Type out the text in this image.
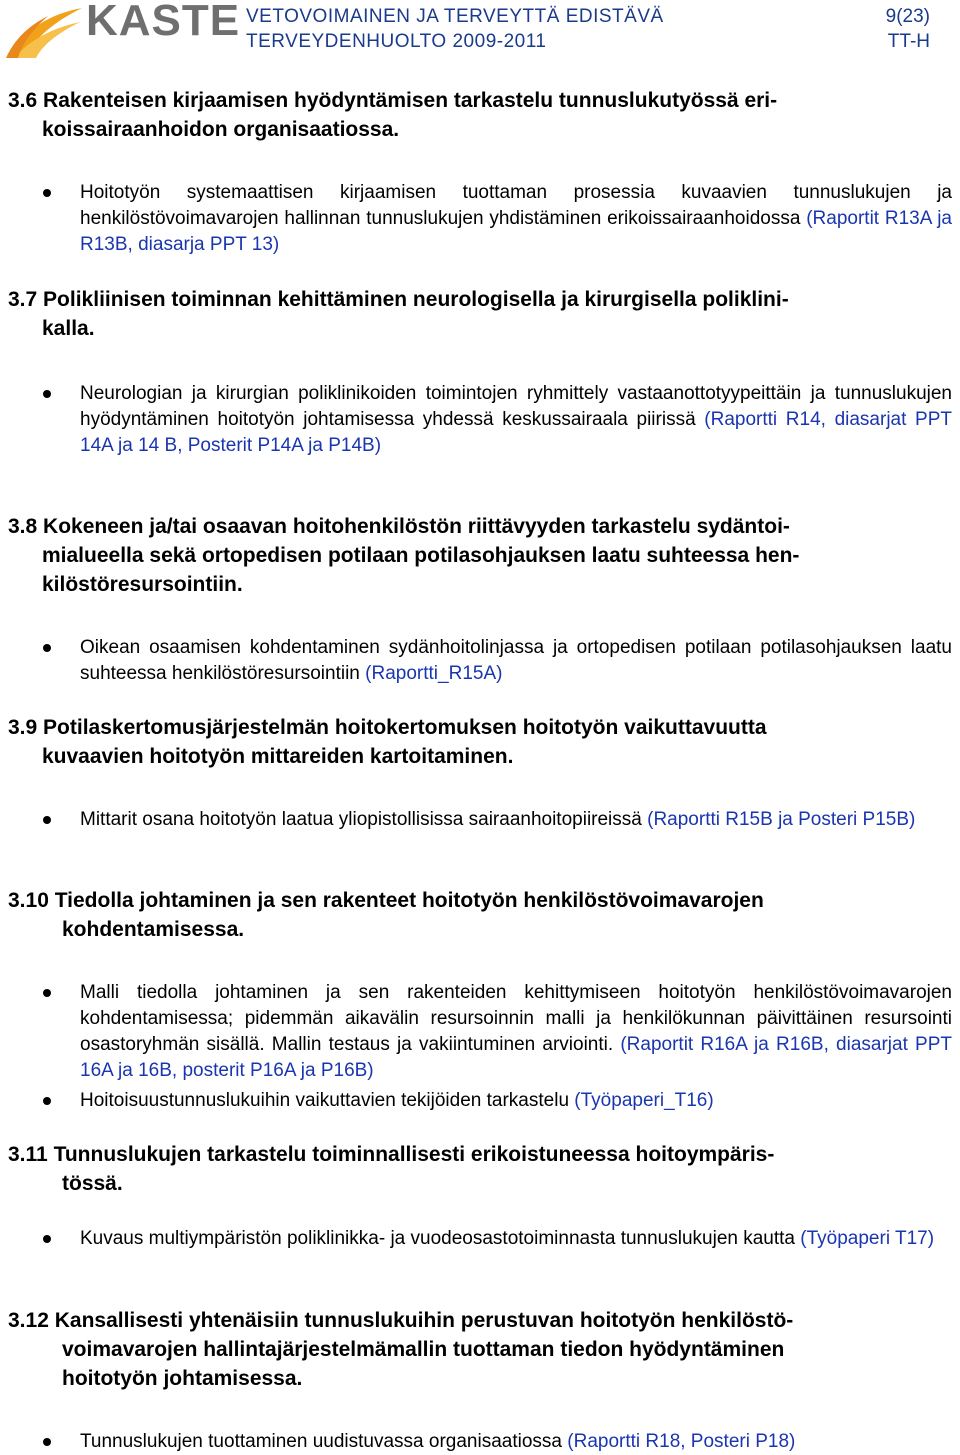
KASTE VETOVOIMAINEN JA TERVEYTTÄ EDISTÄVÄ
TERVEYDENHUOLTO 2009-2011
9(23)
TT-H
3.6 Rakenteisen kirjaamisen hyödyntämisen tarkastelu tunnuslukutyössä eri-
koissairaanhoidon organisaatiossa.
Hoitotyön systemaattisen kirjaamisen tuottaman prosessia kuvaavien tunnuslukujen ja henkilöstövoimavarojen hallinnan tunnuslukujen yhdistäminen erikoissairaanhoidossa (Raportit R13A ja R13B, diasarja PPT 13)
3.7 Polikliinisen toiminnan kehittäminen neurologisella ja kirurgisella poliklini-
kalla.
Neurologian ja kirurgian poliklinikoiden toimintojen ryhmittely vastaanottotyypeittäin ja tunnuslukujen hyödyntäminen hoitotyön johtamisessa yhdessä keskussairaala piirissä (Raportti R14, diasarjat PPT 14A ja 14 B, Posterit P14A ja P14B)
3.8 Kokeneen ja/tai osaavan hoitohenkilöstön riittävyyden tarkastelu sydäntoi-
mialueella sekä ortopedisen potilaan potilasohjauksen laatu suhteessa hen-
kilöstöresursointiin.
Oikean osaamisen kohdentaminen sydänhoitolinjassa ja ortopedisen potilaan potilasohjauksen laatu suhteessa henkilöstöresursointiin (Raportti_R15A)
3.9 Potilaskertomusjärjestelmän hoitokertomuksen hoitotyön vaikuttavuutta
kuvaavien hoitotyön mittareiden kartoitaminen.
Mittarit osana hoitotyön laatua yliopistollisissa sairaanhoitopiireissä (Raportti R15B ja Posteri P15B)
3.10 Tiedolla johtaminen ja sen rakenteet hoitotyön henkilöstövoimavarojen
kohdentamisessa.
Malli tiedolla johtaminen ja sen rakenteiden kehittymiseen hoitotyön henkilöstövoimavarojen kohdentamisessa; pidemmän aikavälin resursoinnin malli ja henkilökunnan päivittäinen resursointi osastoryhmän sisällä. Mallin testaus ja vakiintuminen arviointi. (Raportit R16A ja R16B, diasarjat PPT 16A ja 16B, posterit P16A ja P16B)
Hoitoisuustunnuslukuihin vaikuttavien tekijöiden tarkastelu (Työpaperi_T16)
3.11 Tunnuslukujen tarkastelu toiminnallisesti erikoistuneessa hoitoympäris-
tössä.
Kuvaus multiympäristön poliklinikka- ja vuodeosastotoiminnasta tunnuslukujen kautta (Työpaperi T17)
3.12 Kansallisesti yhtenäisiin tunnuslukuihin perustuvan hoitotyön henkilöstö-
voimavarojen hallintajärjestelmämallin tuottaman tiedon hyödyntäminen
hoitotyön johtamisessa.
Tunnuslukujen tuottaminen uudistuvassa organisaatiossa (Raportti R18, Posteri P18)
